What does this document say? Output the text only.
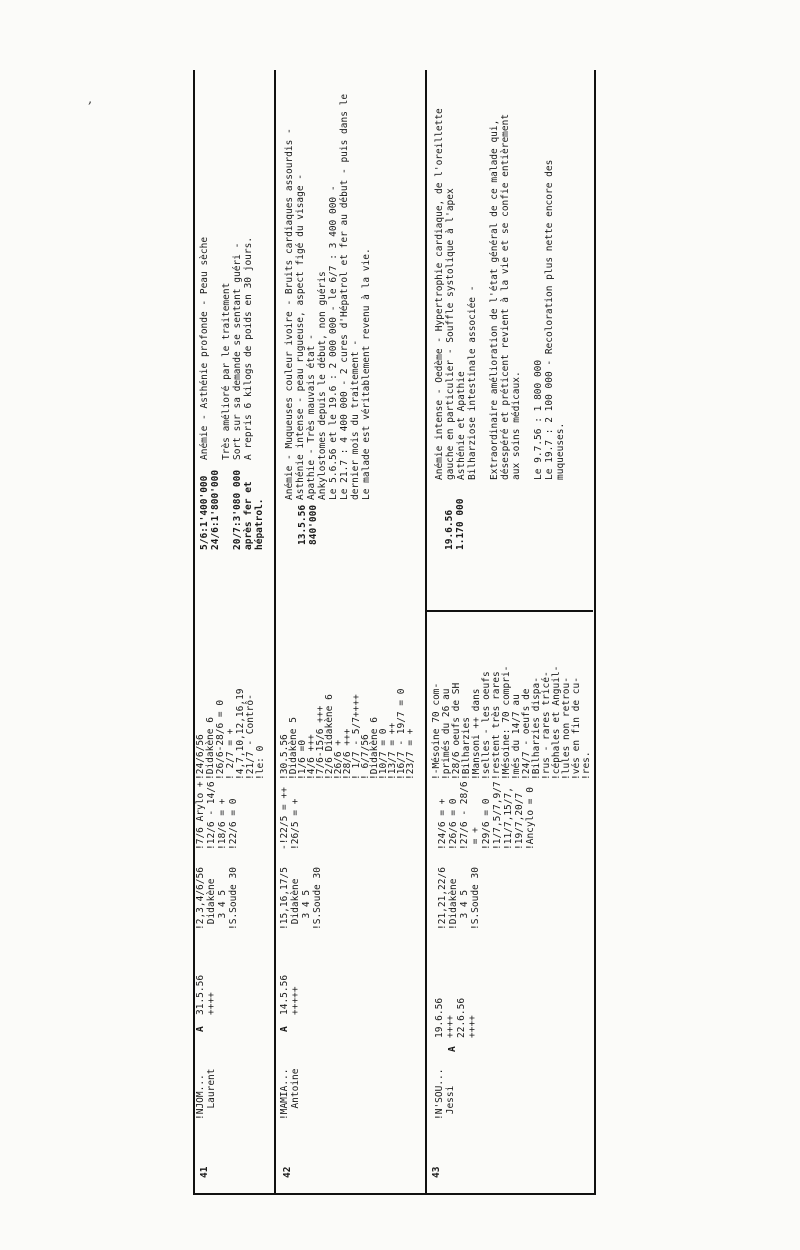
,
41
!NJOM... Laurent
A
31.5.56 ++++
!2,3,4/6/56 Didakène 3 4 5 !S.Soude 30
!7/6 Arylo + !12/6 - 14/6 !18/6 = + !22/6 = 0
!24/6/56 !Didakène 6 !26/6-28/6 = 0 ! 2/7 = + !4,7,10,12,16,19 !21/7 - Contrô- !le: 0
5/6:1'400'000 24/6:1'800'000 20/7:3'080 000 après fer et hépatrol.
Anémie - Asthénie profonde - Peau sèche Très amélioré par le traitement Sort sur sa demande se sentant guéri - A repris 6 kilogs de poids en 30 jours.
42
!MAMIA... Antoine
A
14.5.56 +++++
!15,16,17/5 Didakène 3 4 5 !S.Soude 30
-!22/5 = ++ !26/5 = +
!30.5.56
!Didakène 5
!1/6 =0
!4/6 +++
!7/6-15/6 +++
!2/6 Didakène 6
!26/6 +
!28/6 +++
! 1/7 - 5/7++++
! 6/7/56
!Didakène 6
!10/7 = 0
!13/7 = ++
!16/7 - 19/7 = 0
!23/7 = +
13.5.56 840'000
Anémie - Muqueuses couleur ivoire - Bruits cardiaques assourdis - Asthénie intense - peau rugueuse, aspect figé du visage - Apathie - Très mauvais état - Ankylostomes depuis le début, non guéris Le 5.6.56 et le 19.6 : 2 000 000 - le 6/7 : 3 400 000 - Le 21.7 : 4 400 000 - 2 cures d'Hépatrol et fer au début - puis dans le dernier mois du traitement - Le malade est véritablement revenu à la vie.
43
!N'SOU... Jessi
A
19.6.56 ++++ 22.6.56 ++++
!21,21,22/6 !Didakène 3 4 5 !S.Soude 30
!24/6 = + !26/6 = 0 !27/6 - 28/6 = + !29/6 = 0 !1/7,5/7,9/7 !11/7,15/7, !19/7,20/7 !Ancylo = 0
!-Mésoine 70 com- !primés du 26 au !28/6 oeufs de SH !Bilharzies !Mansoni ++ dans !selles - les oeufs !restent très rares !Mésoine: 70 compri- !més du 14/7 au !24/7 - oeufs de !Bilharzies dispa- !rus - rares tricé- !céphales et Anguil- !lules non retrou- !vés en fin de cu- !res.
19.6.56 1.170 000
Anémie intense - Oedème - Hypertrophie cardiaque, de l'oreillette gauche en particulier - Souffle systolique à l'apex Asthénie et Apathie Bilharziose intestinale associée - Extraordinaire amélioration de l'état général de ce malade qui, désespéré et préticent revient à la vie et se confie entièrement aux soins médicaux. Le 9.7.56 : 1 800 000 Le 19.7 : 2 100 000 - Recoloration plus nette encore des muqueuses.
